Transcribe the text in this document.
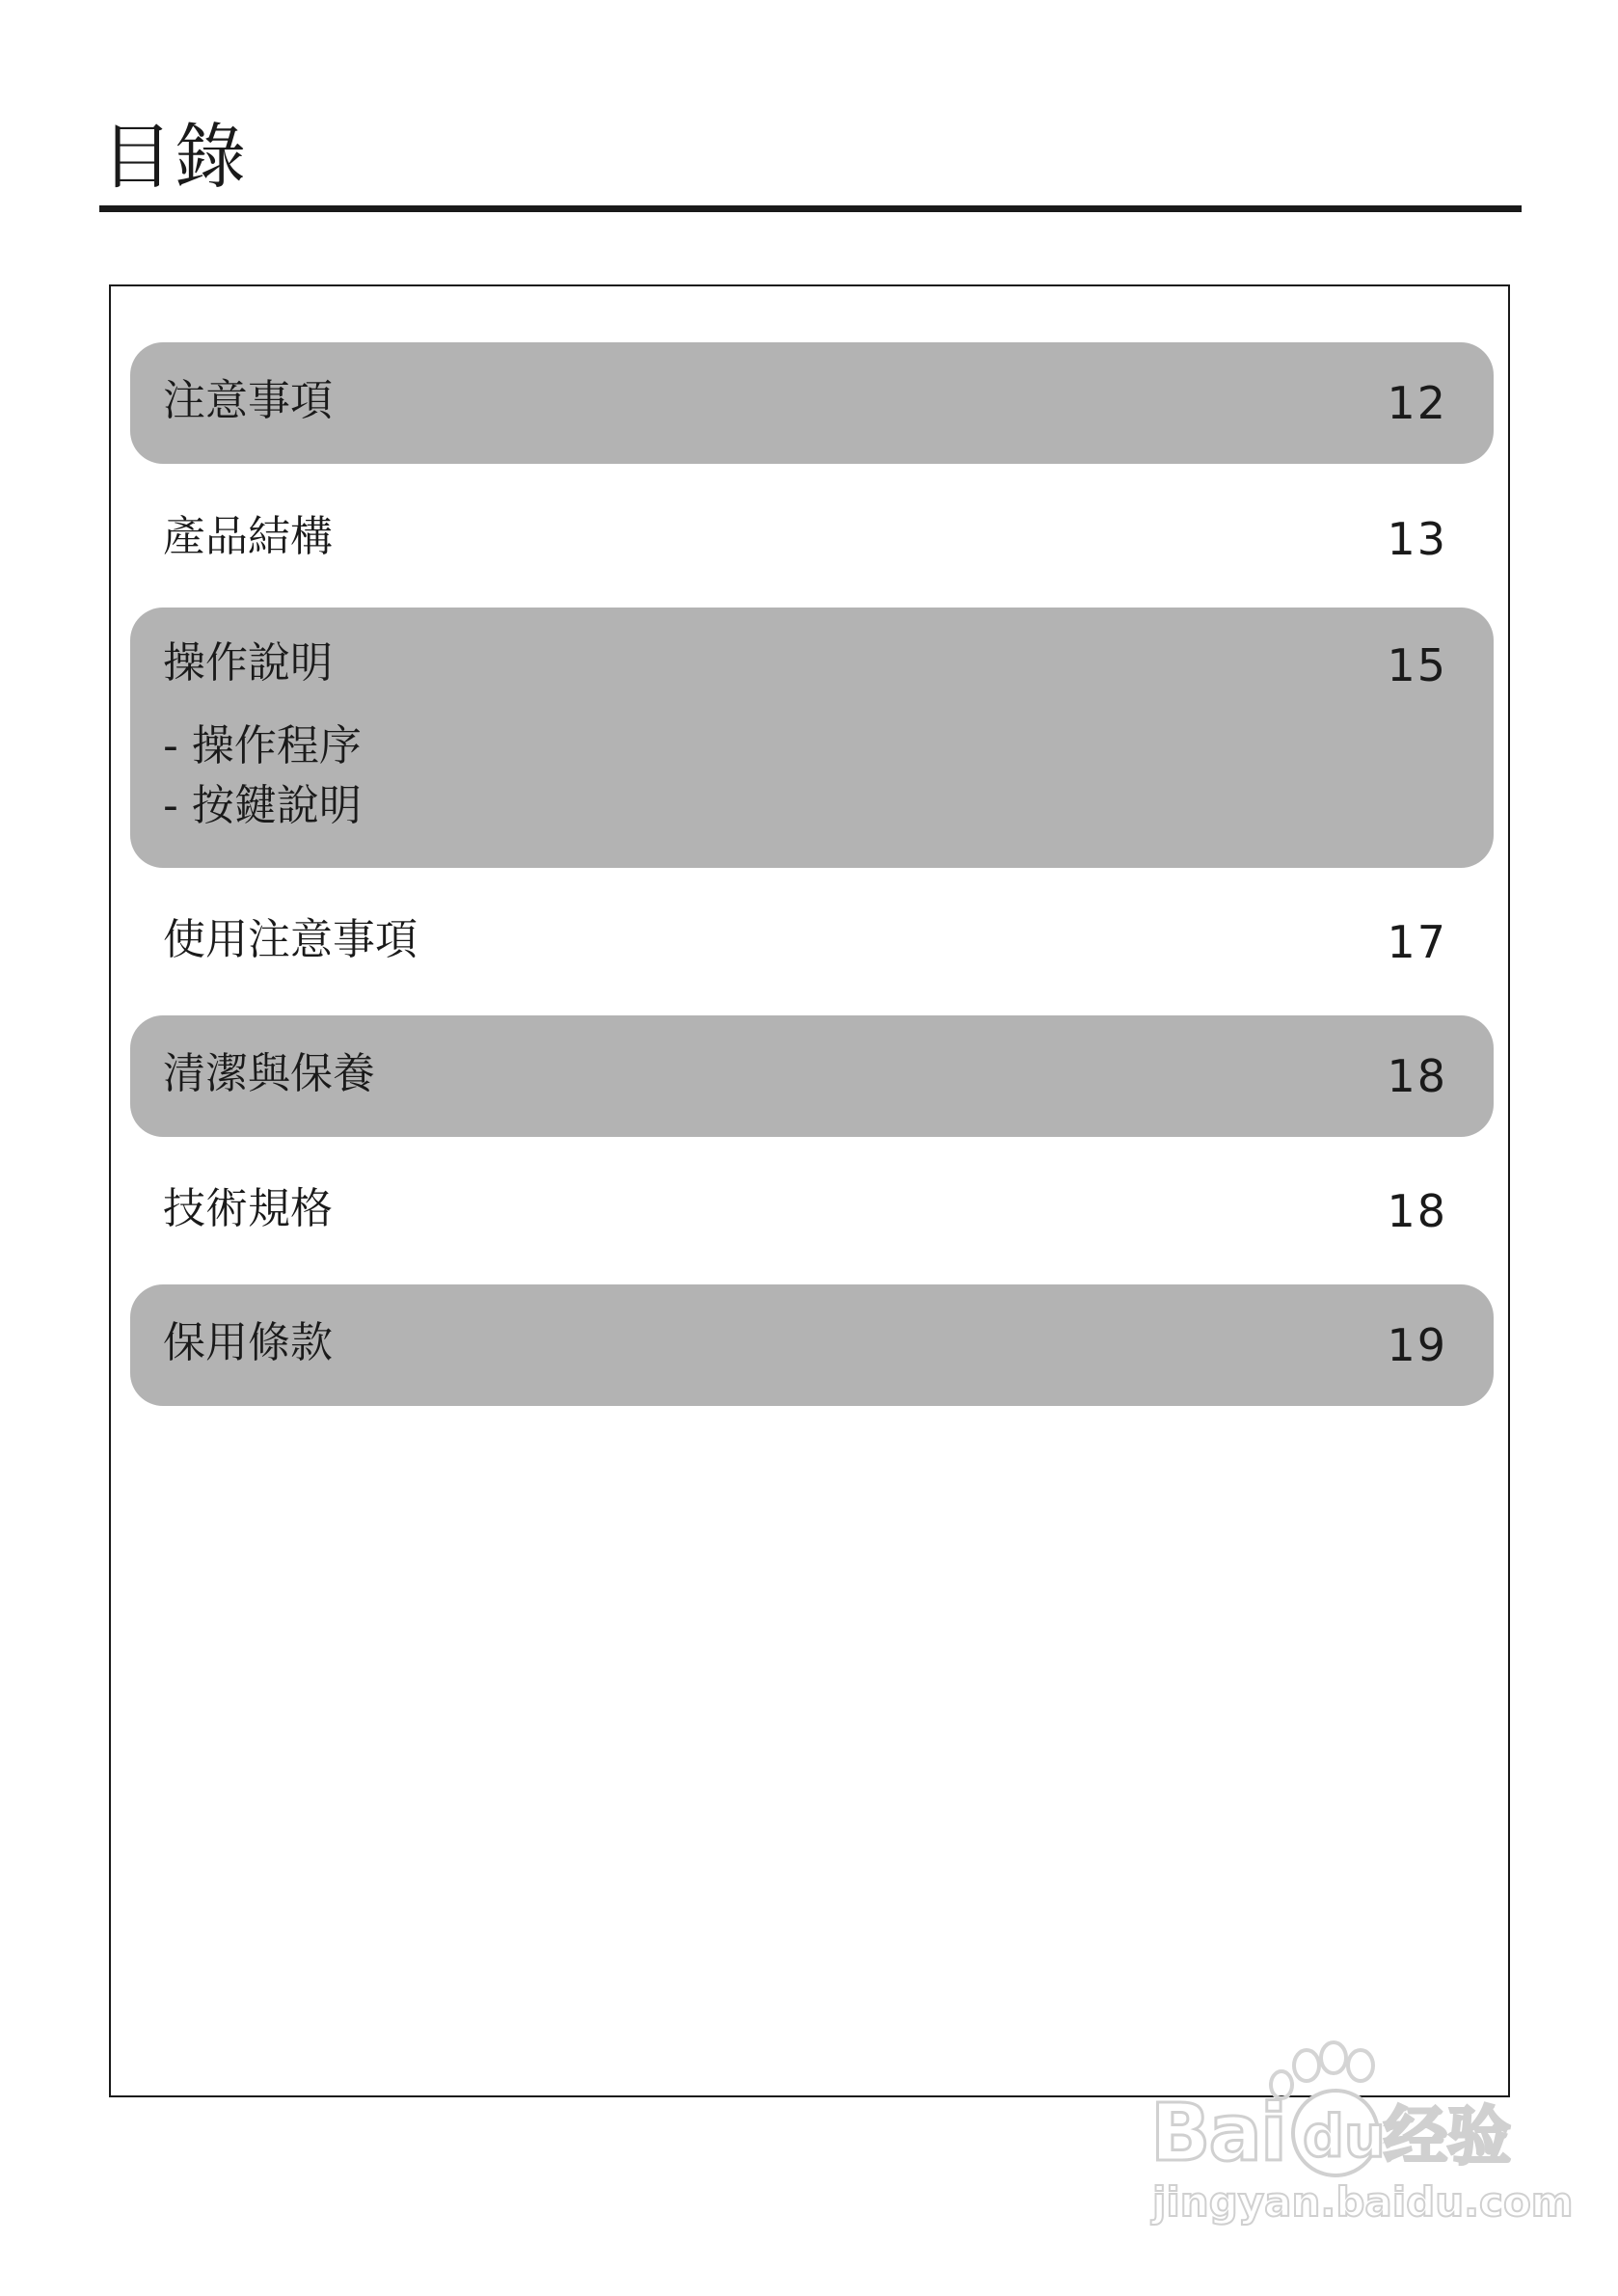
目錄
注意事項	12
產品結構	13
操作說明	15
- 操作程序
- 按鍵說明
使用注意事項	17
清潔與保養	18
技術規格	18
保用條款	19
Bai du
经验
jingyan.baidu.com
